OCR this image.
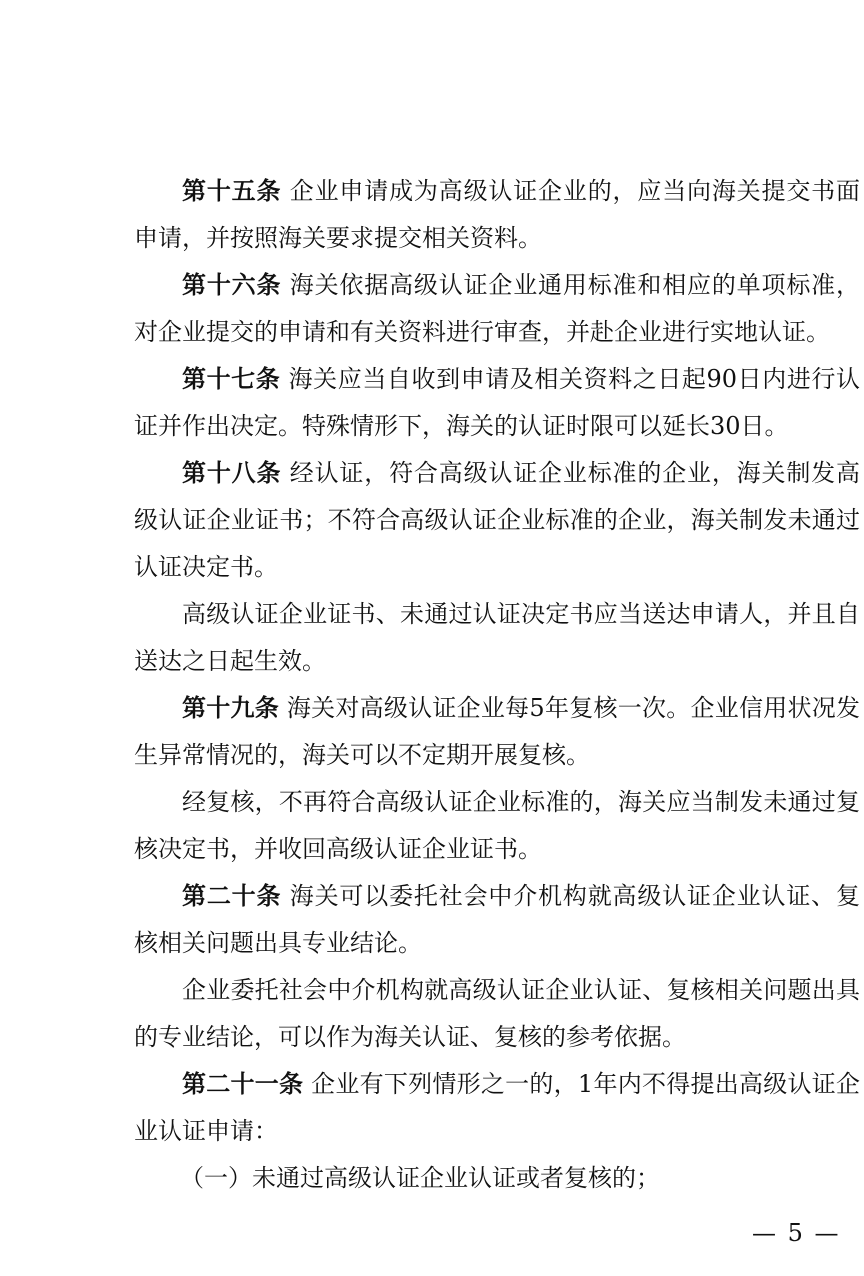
第十五条 企业申请成为高级认证企业的，应当向海关提交书面申请，并按照海关要求提交相关资料。

第十六条 海关依据高级认证企业通用标准和相应的单项标准，对企业提交的申请和有关资料进行审查，并赴企业进行实地认证。

第十七条 海关应当自收到申请及相关资料之日起90日内进行认证并作出决定。特殊情形下，海关的认证时限可以延长30日。

第十八条 经认证，符合高级认证企业标准的企业，海关制发高级认证企业证书；不符合高级认证企业标准的企业，海关制发未通过认证决定书。

高级认证企业证书、未通过认证决定书应当送达申请人，并且自送达之日起生效。

第十九条 海关对高级认证企业每5年复核一次。企业信用状况发生异常情况的，海关可以不定期开展复核。

经复核，不再符合高级认证企业标准的，海关应当制发未通过复核决定书，并收回高级认证企业证书。

第二十条 海关可以委托社会中介机构就高级认证企业认证、复核相关问题出具专业结论。

企业委托社会中介机构就高级认证企业认证、复核相关问题出具的专业结论，可以作为海关认证、复核的参考依据。

第二十一条 企业有下列情形之一的，1年内不得提出高级认证企业认证申请：

（一）未通过高级认证企业认证或者复核的；

— 5 —
